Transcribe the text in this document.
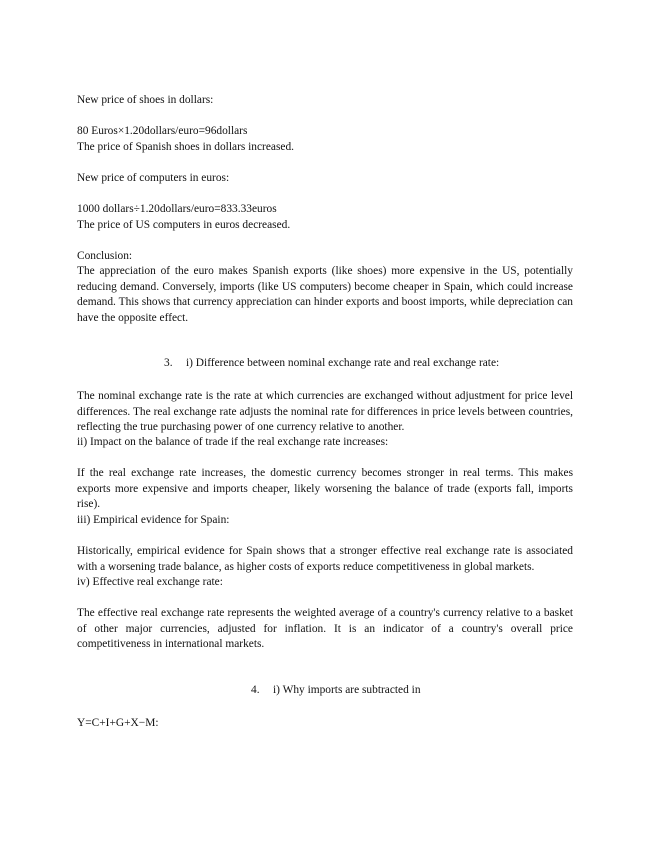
New price of shoes in dollars:
80 Euros×1.20dollars/euro=96dollars
The price of Spanish shoes in dollars increased.
New price of computers in euros:
1000 dollars÷1.20dollars/euro=833.33euros
The price of US computers in euros decreased.
Conclusion:

The appreciation of the euro makes Spanish exports (like shoes) more expensive in the US, potentially reducing demand. Conversely, imports (like US computers) become cheaper in Spain, which could increase demand. This shows that currency appreciation can hinder exports and boost imports, while depreciation can have the opposite effect.

3. i) Difference between nominal exchange rate and real exchange rate:

The nominal exchange rate is the rate at which currencies are exchanged without adjustment for price level differences. The real exchange rate adjusts the nominal rate for differences in price levels between countries, reflecting the true purchasing power of one currency relative to another.

ii) Impact on the balance of trade if the real exchange rate increases:

If the real exchange rate increases, the domestic currency becomes stronger in real terms. This makes exports more expensive and imports cheaper, likely worsening the balance of trade (exports fall, imports rise).

iii) Empirical evidence for Spain:

Historically, empirical evidence for Spain shows that a stronger effective real exchange rate is associated with a worsening trade balance, as higher costs of exports reduce competitiveness in global markets.

iv) Effective real exchange rate:

The effective real exchange rate represents the weighted average of a country's currency relative to a basket of other major currencies, adjusted for inflation. It is an indicator of a country's overall price competitiveness in international markets.

4. i) Why imports are subtracted in
Y=C+I+G+X−M:
